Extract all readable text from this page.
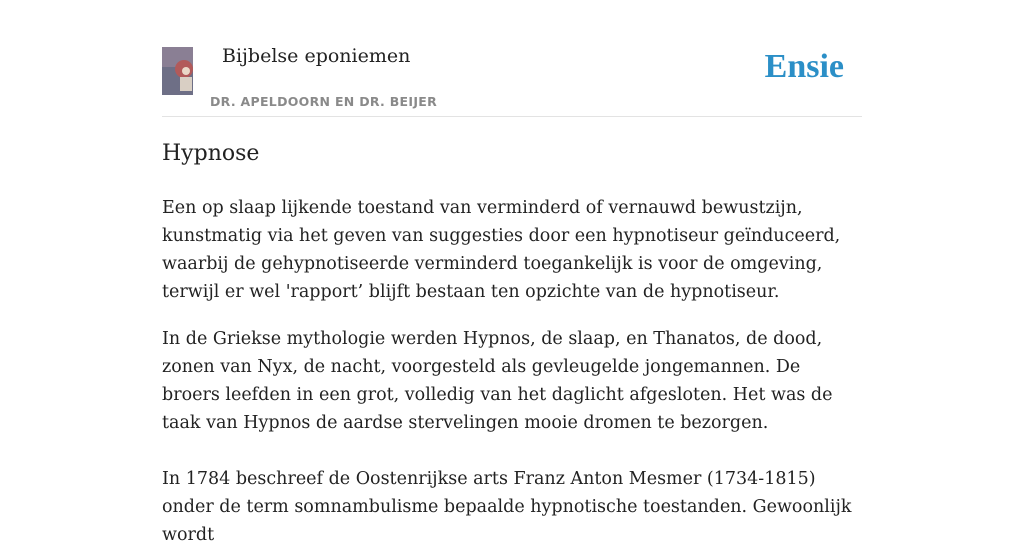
Bijbelse eponiemen
DR. APELDOORN EN DR. BEIJER
Ensie
Hypnose

Een op slaap lijkende toestand van verminderd of vernauwd bewustzijn, kunstmatig via het geven van suggesties door een hypnotiseur geïnduceerd, waarbij de gehypnotiseerde verminderd toegankelijk is voor de omgeving, terwijl er wel 'rapport’ blijft bestaan ten opzichte van de hypnotiseur.

In de Griekse mythologie werden Hypnos, de slaap, en Thanatos, de dood, zonen van Nyx, de nacht, voorgesteld als gevleugelde jongemannen. De broers leefden in een grot, volledig van het daglicht afgesloten. Het was de taak van Hypnos de aardse stervelingen mooie dromen te bezorgen.

In 1784 beschreef de Oostenrijkse arts Franz Anton Mesmer (1734-1815) onder de term somnambulisme bepaalde hypnotische toestanden. Gewoonlijk wordt
